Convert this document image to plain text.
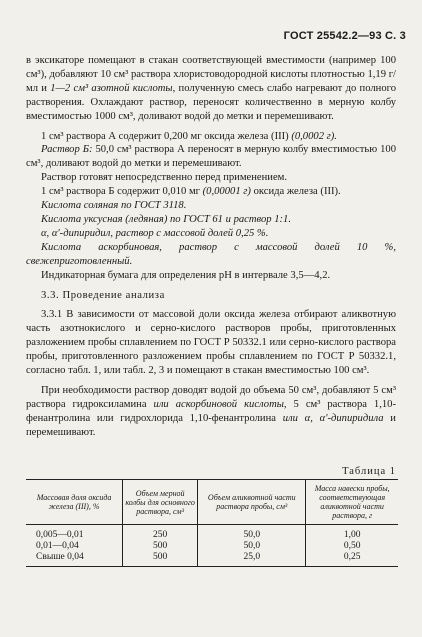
ГОСТ 25542.2—93 С. 3

в эксикаторе помещают в стакан соответствующей вместимости (например 100 см³), добавляют 10 см³ раствора хлористоводородной кислоты плотностью 1,19 г/мл и 1—2 см³ азотной кислоты, полученную смесь слабо нагревают до полного растворения. Охлаждают раствор, переносят количественно в мерную колбу вместимостью 1000 см³, доливают водой до метки и перемешивают.

1 см³ раствора А содержит 0,200 мг оксида железа (III) (0,0002 г).

Раствор Б: 50,0 см³ раствора А переносят в мерную колбу вместимостью 100 см³, доливают водой до метки и перемешивают.

Раствор готовят непосредственно перед применением.

1 см³ раствора Б содержит 0,010 мг (0,00001 г) оксида железа (III).

Кислота соляная по ГОСТ 3118.

Кислота уксусная (ледяная) по ГОСТ 61 и раствор 1:1.

α, α'-дипиридил, раствор с массовой долей 0,25 %.

Кислота аскорбиновая, раствор с массовой долей 10 %, свежеприготовленный.

Индикаторная бумага для определения рН в интервале 3,5—4,2.

3.3. Проведение анализа

3.3.1 В зависимости от массовой доли оксида железа отбирают аликвотную часть азотнокислого и серно-кислого растворов пробы, приготовленных разложением пробы сплавлением по ГОСТ Р 50332.1 или серно-кислого раствора пробы, приготовленного разложением пробы сплавлением по ГОСТ Р 50332.1, согласно табл. 1, или табл. 2, 3 и помещают в стакан вместимостью 100 см³.

При необходимости раствор доводят водой до объема 50 см³, добавляют 5 см³ раствора гидроксиламина или аскорбиновой кислоты, 5 см³ раствора 1,10-фенантролина или гидрохлорида 1,10-фенантролина или α, α'-дипиридила и перемешивают.

Таблица 1
Массовая доля оксида железа (III), %	Объем мерной колбы для основного раствора, см³	Объем аликвотной части раствора пробы, см³	Масса навески пробы, соответствующая аликвотной части раствора, г
0,005—0,01	250	50,0	1,00
0,01—0,04	500	50,0	0,50
Свыше 0,04	500	25,0	0,25
